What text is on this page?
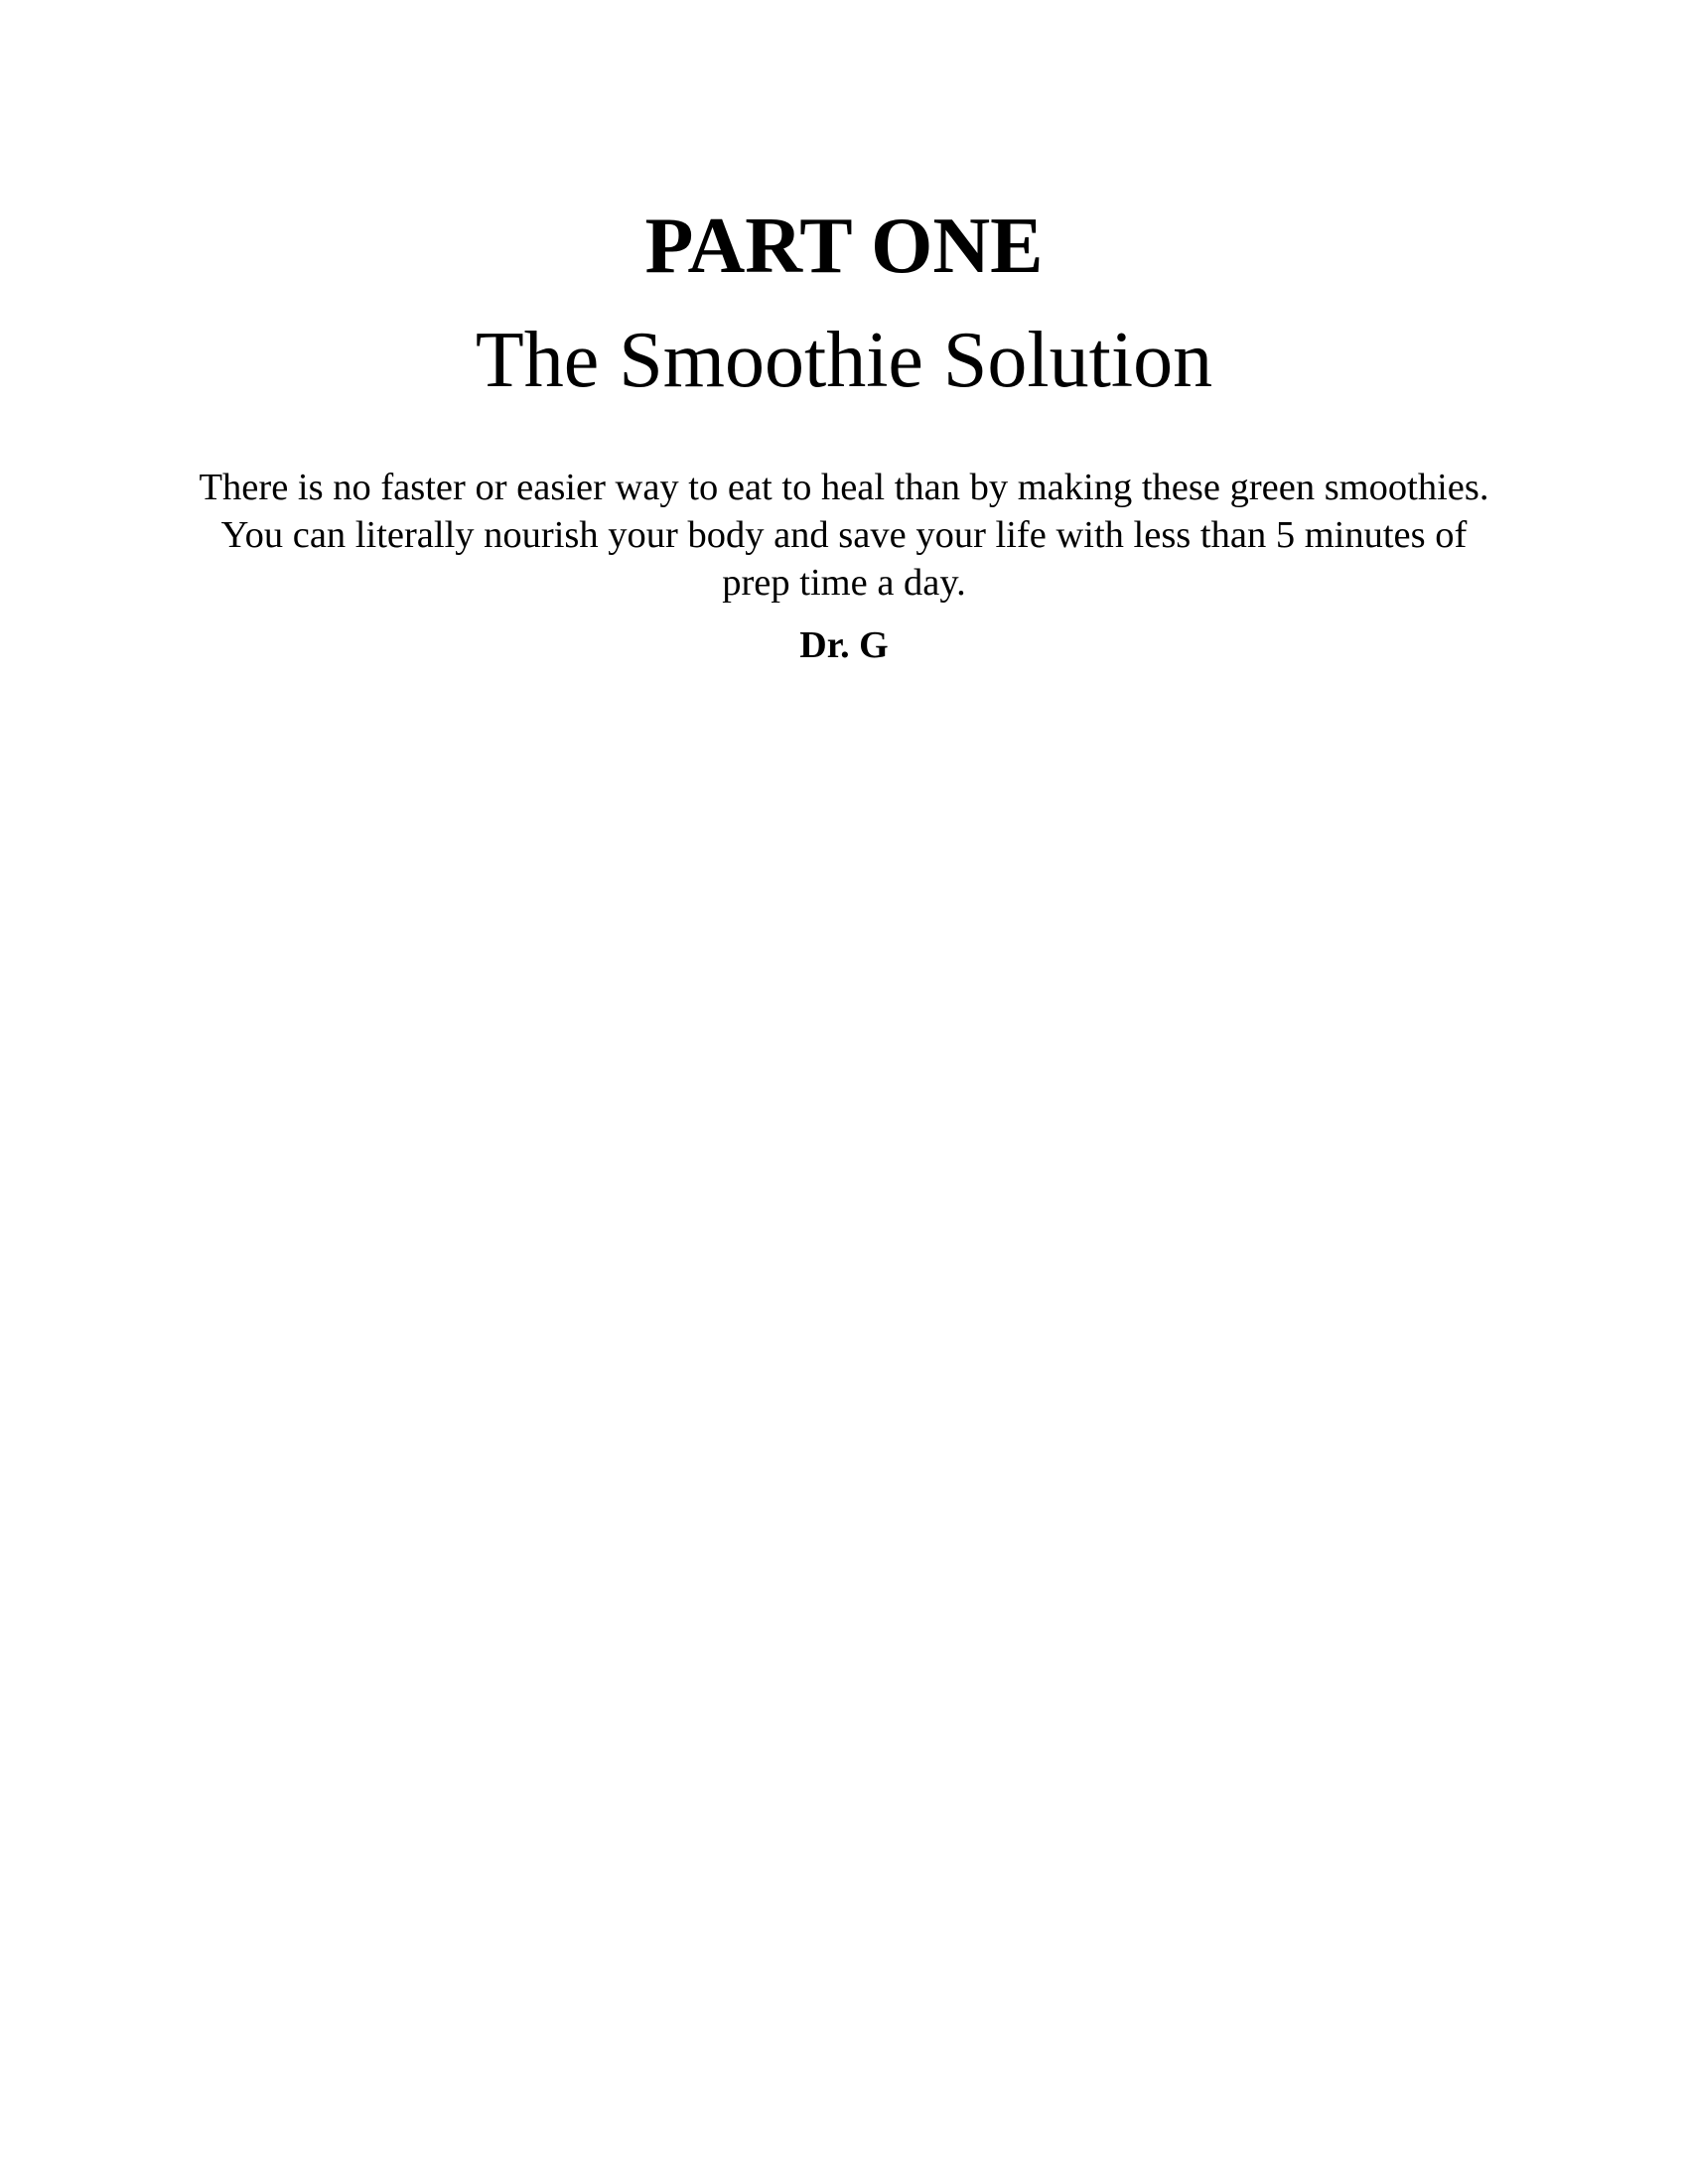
PART ONE
The Smoothie Solution

There is no faster or easier way to eat to heal than by making these green smoothies. You can literally nourish your body and save your life with less than 5 minutes of prep time a day.

Dr. G
